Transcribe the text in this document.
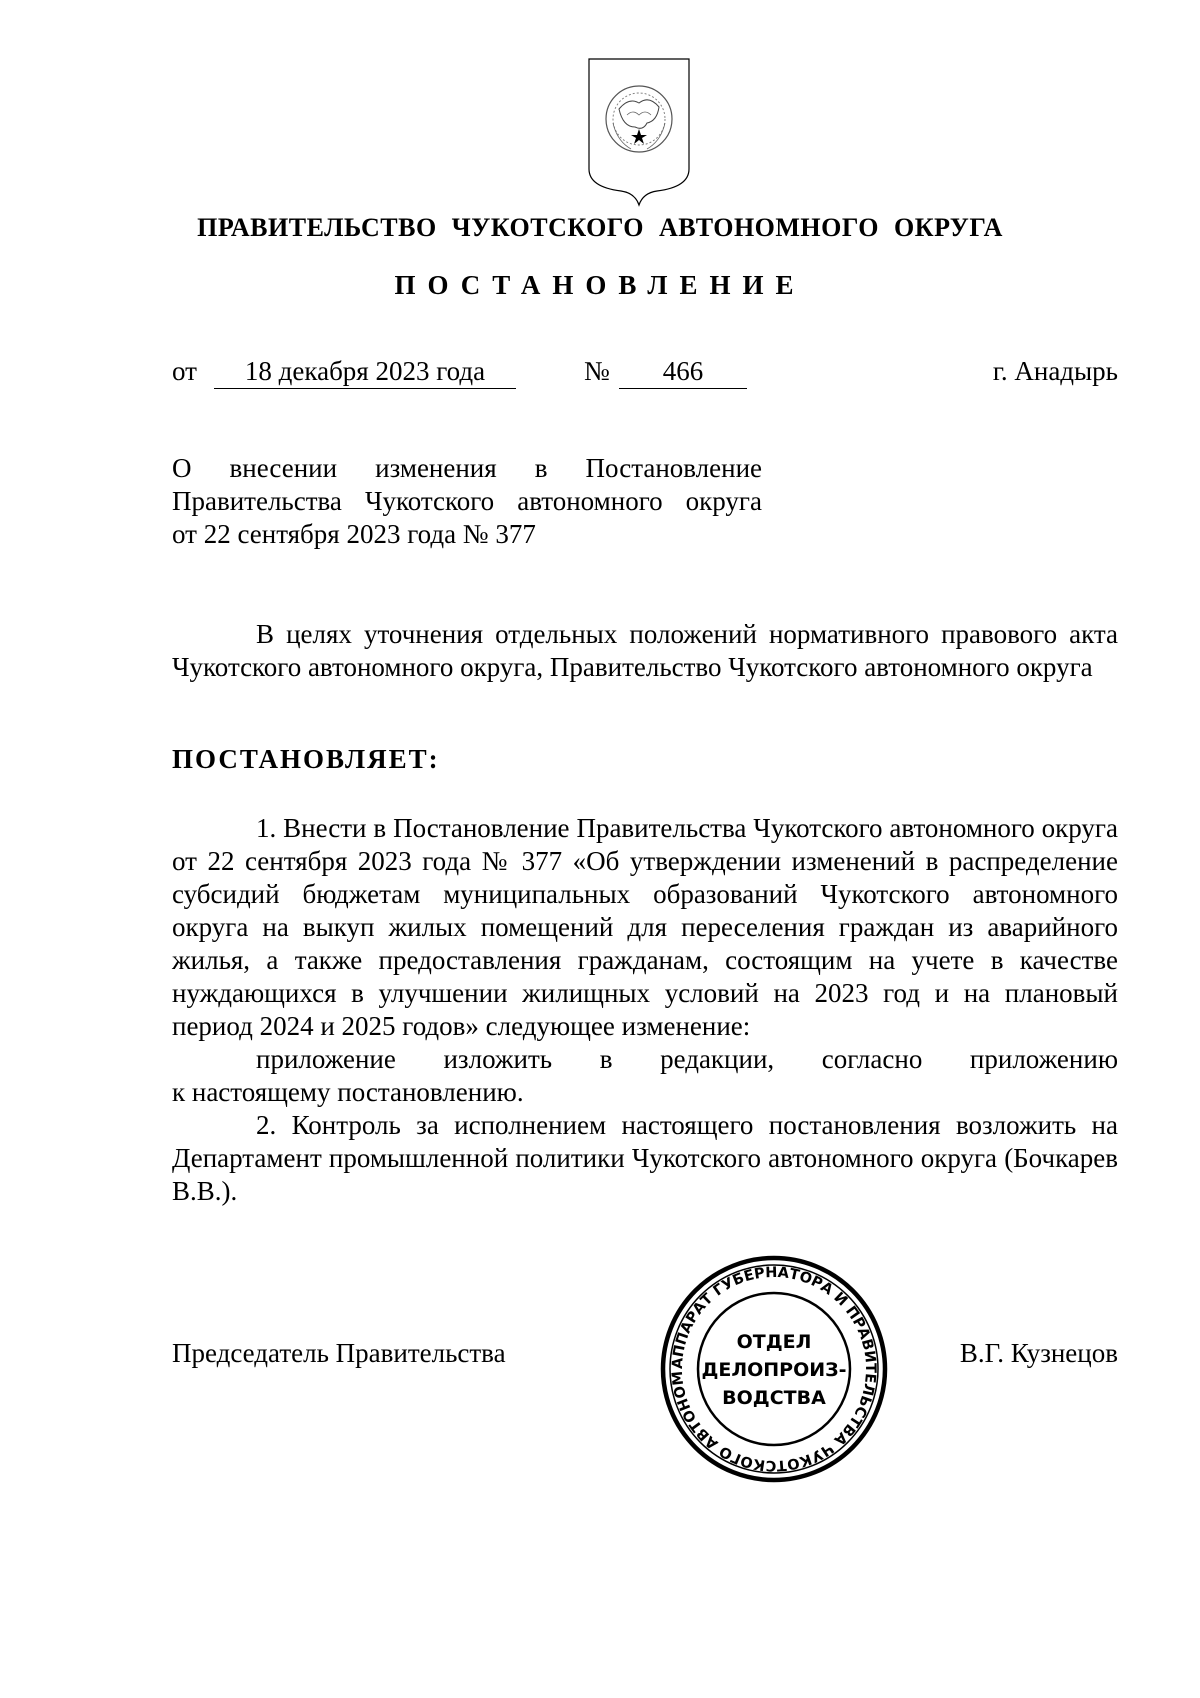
ПРАВИТЕЛЬСТВО ЧУКОТСКОГО АВТОНОМНОГО ОКРУГА
ПОСТАНОВЛЕНИЕ
от	18 декабря 2023 года	№	466	г. Анадырь
О внесении изменения в Постановление
Правительства Чукотского автономного округа
от 22 сентября 2023 года № 377

В целях уточнения отдельных положений нормативного правового акта Чукотского автономного округа, Правительство Чукотского автономного округа

ПОСТАНОВЛЯЕТ:

1. Внести в Постановление Правительства Чукотского автономного округа от 22 сентября 2023 года № 377 «Об утверждении изменений в распределение субсидий бюджетам муниципальных образований Чукотского автономного округа на выкуп жилых помещений для переселения граждан из аварийного жилья, а также предоставления гражданам, состоящим на учете в качестве нуждающихся в улучшении жилищных условий на 2023 год и на плановый период 2024 и 2025 годов» следующее изменение:

приложение изложить в редакции, согласно приложению

к настоящему постановлению.

2. Контроль за исполнением настоящего постановления возложить на Департамент промышленной политики Чукотского автономного округа (Бочкарев В.В.).

Председатель Правительства	В.Г. Кузнецов
АППАРАТ ГУБЕРНАТОРА И ПРАВИТЕЛЬСТВА ЧУКОТСКОГО АВТОНОМ
ОТДЕЛ
ДЕЛОПРОИЗ-
ВОДСТВА
